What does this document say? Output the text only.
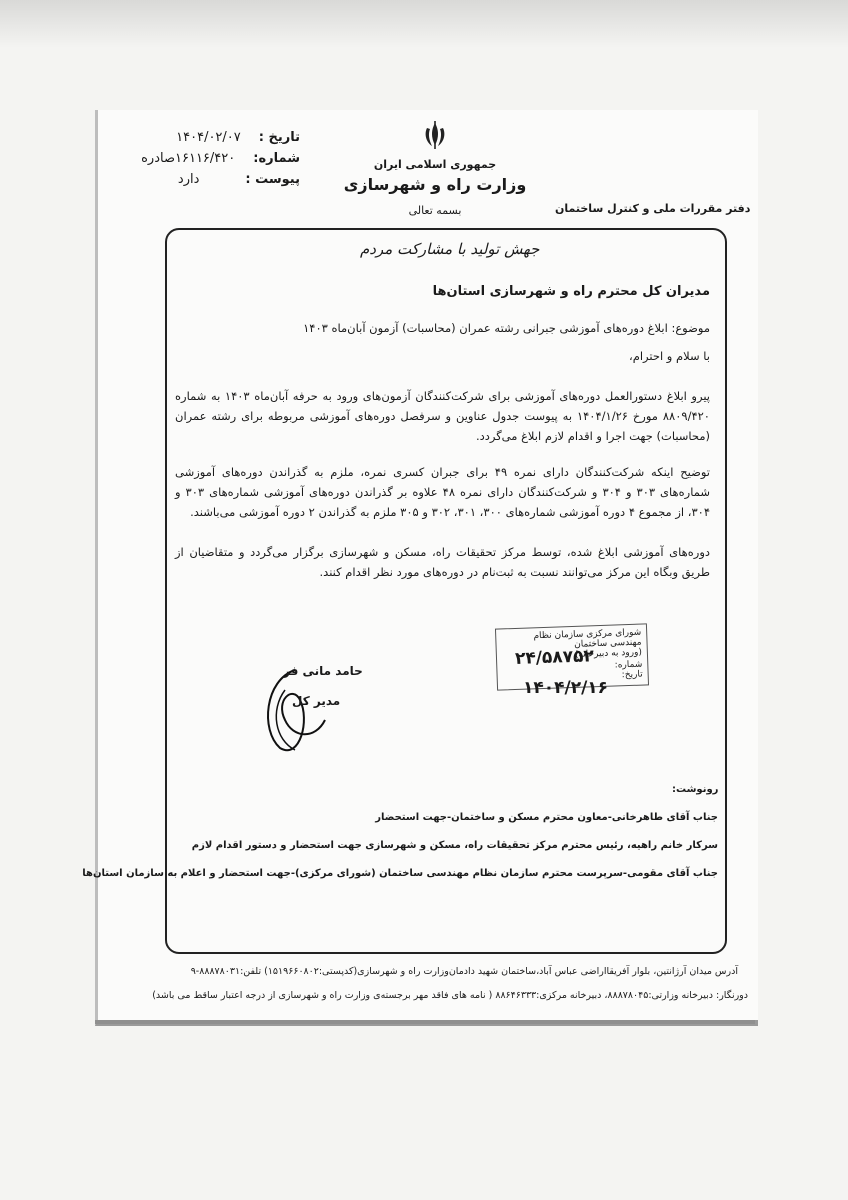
تاریخ :
۱۴۰۴/۰۲/۰۷
شماره:
۱۶۱۱۶/۴۲۰صادره
پیوست :
دارد
جمهوری اسلامی ایران
وزارت راه و شهرسازی
بسمه تعالی	دفتر مقررات ملی و کنترل ساختمان
جهش تولید با مشارکت مردم
مدیران کل محترم راه و شهرسازی استان‌ها
موضوع: ابلاغ دوره‌های آموزشی جبرانی رشته عمران (محاسبات) آزمون آبان‌ماه ۱۴۰۳
با سلام و احترام،
پیرو ابلاغ دستورالعمل دوره‌های آموزشی برای شرکت‌کنندگان آزمون‌های ورود به حرفه آبان‌ماه ۱۴۰۳ به شماره ۸۸۰۹/۴۲۰ مورخ ۱۴۰۴/۱/۲۶ به پیوست جدول عناوین و سرفصل دوره‌های آموزشی مربوطه برای رشته عمران (محاسبات) جهت اجرا و اقدام لازم ابلاغ می‌گردد.
توضیح اینکه شرکت‌کنندگان دارای نمره ۴۹ برای جبران کسری نمره، ملزم به گذراندن دوره‌های آموزشی شماره‌های ۳۰۳ و ۳۰۴ و شرکت‌کنندگان دارای نمره ۴۸ علاوه بر گذراندن دوره‌های آموزشی شماره‌های ۳۰۳ و ۳۰۴، از مجموع ۴ دوره آموزشی شماره‌های ۳۰۰، ۳۰۱، ۳۰۲ و ۳۰۵ ملزم به گذراندن ۲ دوره آموزشی می‌باشند.
دوره‌های آموزشی ابلاغ شده، توسط مرکز تحقیقات راه، مسکن و شهرسازی برگزار می‌گردد و متقاضیان از طریق وبگاه این مرکز می‌توانند نسبت به ثبت‌نام در دوره‌های مورد نظر اقدام کنند.
شورای مرکزی سازمان نظام مهندسی ساختمان
(ورود به دبیرخانه)
شماره:
تاریخ:
۲۴/۵۸۷۵۲
۱۴۰۴/۲/۱۶
حامد مانی فر
مدیر کل
رونوشت:
جناب آقای طاهرخانی-معاون محترم مسکن و ساختمان-جهت استحضار
سرکار خانم راهیه، رئیس محترم مرکز تحقیقات راه، مسکن و شهرسازی جهت استحضار و دستور اقدام لازم
جناب آقای مقومی-سرپرست محترم سازمان نظام مهندسی ساختمان (شورای مرکزی)-جهت استحضار و اعلام به سازمان استان‌ها
آدرس میدان آرژانتین، بلوار آفریقا‌اراضی عباس آباد،ساختمان شهید دادمان‌وزارت راه و شهرسازی(کدپستی:۱۵۱۹۶۶۰۸۰۲) تلفن:۸۸۸۷۸۰۳۱-۹
دورنگار: دبیرخانه وزارتی:۸۸۸۷۸۰۴۵، دبیرخانه مرکزی:۸۸۶۴۶۳۳۳ ( نامه های فاقد مهر برجسته‌ی وزارت راه و شهرسازی از درجه اعتبار ساقط می باشد)
